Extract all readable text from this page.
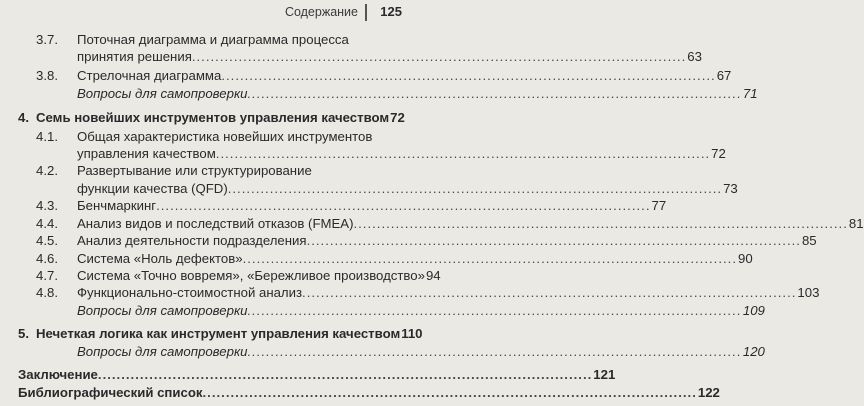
Содержание 125
3.7. Поточная диаграмма и диаграмма процесса
принятия решения .......................................................................................................... 63
3.8. Стрелочная диаграмма .......................................................................................................... 67
Вопросы для самопроверки .......................................................................................................... 71
4. Семь новейших инструментов управления качеством 72
4.1. Общая характеристика новейших инструментов
управления качеством .......................................................................................................... 72
4.2. Развертывание или структурирование
функции качества (QFD) .......................................................................................................... 73
4.3. Бенчмаркинг .......................................................................................................... 77
4.4. Анализ видов и последствий отказов (FMEA) .......................................................................................................... 81
4.5. Анализ деятельности подразделения .......................................................................................................... 85
4.6. Система «Ноль дефектов» .......................................................................................................... 90
4.7. Система «Точно вовремя», «Бережливое производство» 94
4.8. Функционально-стоимостной анализ .......................................................................................................... 103
Вопросы для самопроверки .......................................................................................................... 109
5. Нечеткая логика как инструмент управления качеством 110
Вопросы для самопроверки .......................................................................................................... 120
Заключение .......................................................................................................... 121
Библиографический список .......................................................................................................... 122
